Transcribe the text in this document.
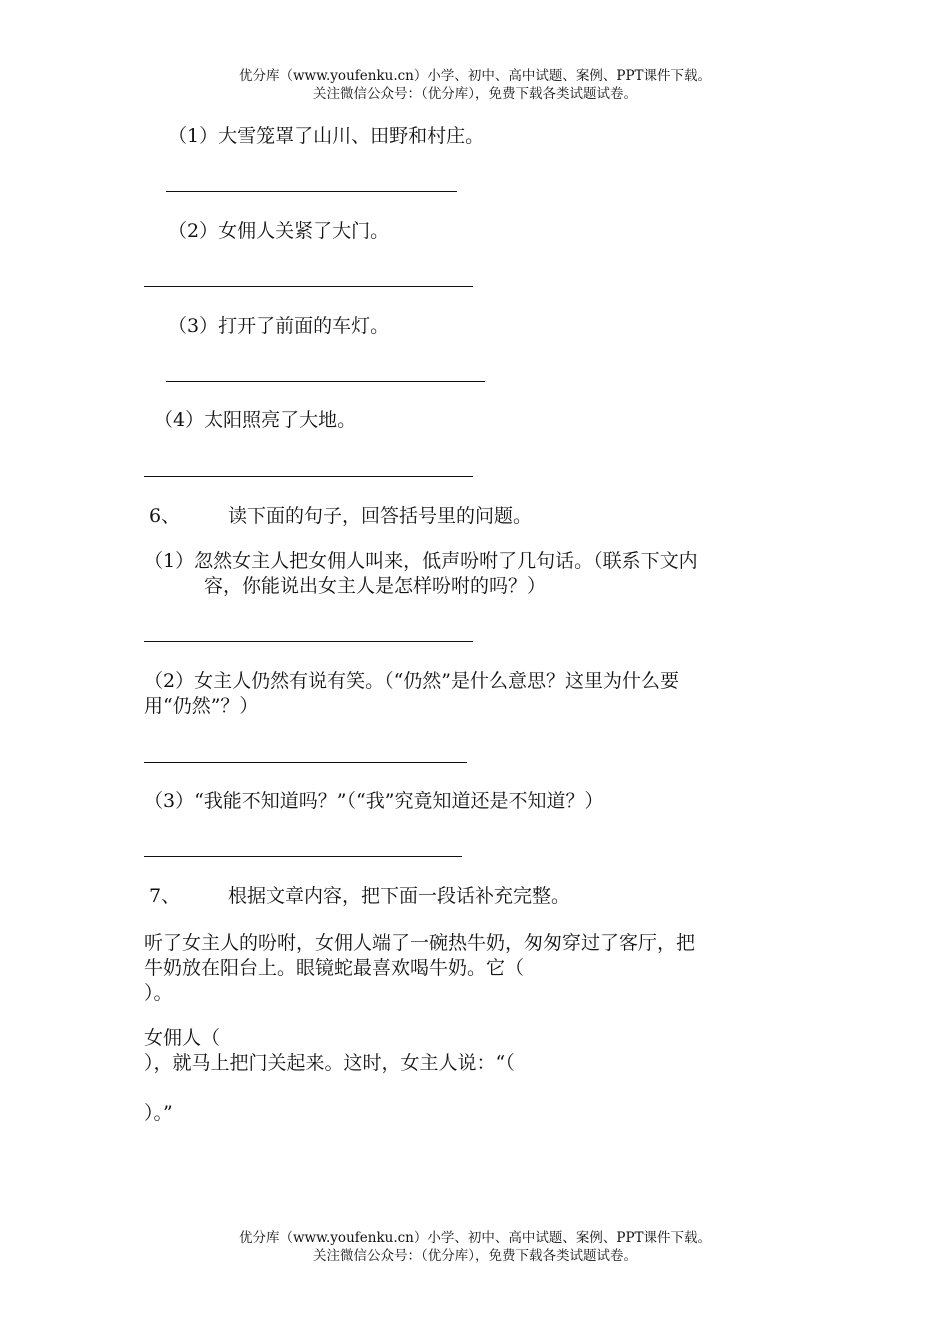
优分库（www.youfenku.cn）小学、初中、高中试题、案例、PPT课件下载。
关注微信公众号：（优分库），免费下载各类试题试卷。
（1）大雪笼罩了山川、田野和村庄。
（2）女佣人关紧了大门。
（3）打开了前面的车灯。
（4）太阳照亮了大地。
6、	读下面的句子，回答括号里的问题。
（1）忽然女主人把女佣人叫来，低声吩咐了几句话。（联系下文内
容，你能说出女主人是怎样吩咐的吗？）
（2）女主人仍然有说有笑。（“仍然”是什么意思？这里为什么要
用“仍然”？）
（3）“我能不知道吗？”（“我”究竟知道还是不知道？）
7、	根据文章内容，把下面一段话补充完整。
听了女主人的吩咐，女佣人端了一碗热牛奶，匆匆穿过了客厅，把
牛奶放在阳台上。眼镜蛇最喜欢喝牛奶。它（
）。
女佣人（
），就马上把门关起来。这时，女主人说：“（
）。”
优分库（www.youfenku.cn）小学、初中、高中试题、案例、PPT课件下载。
关注微信公众号：（优分库），免费下载各类试题试卷。
